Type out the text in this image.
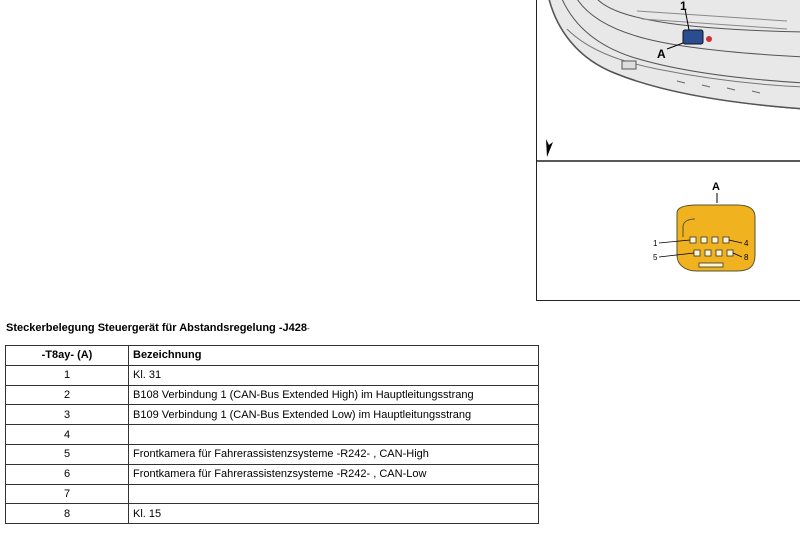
1
A
A
1	4
5	8
Steckerbelegung Steuergerät für Abstandsregelung -J428-
-T8ay- (A)	Bezeichnung
1	Kl. 31
2	B108 Verbindung 1 (CAN-Bus Extended High) im Hauptleitungsstrang
3	B109 Verbindung 1 (CAN-Bus Extended Low) im Hauptleitungsstrang
4	
5	Frontkamera für Fahrerassistenzsysteme -R242- , CAN-High
6	Frontkamera für Fahrerassistenzsysteme -R242- , CAN-Low
7	
8	Kl. 15
